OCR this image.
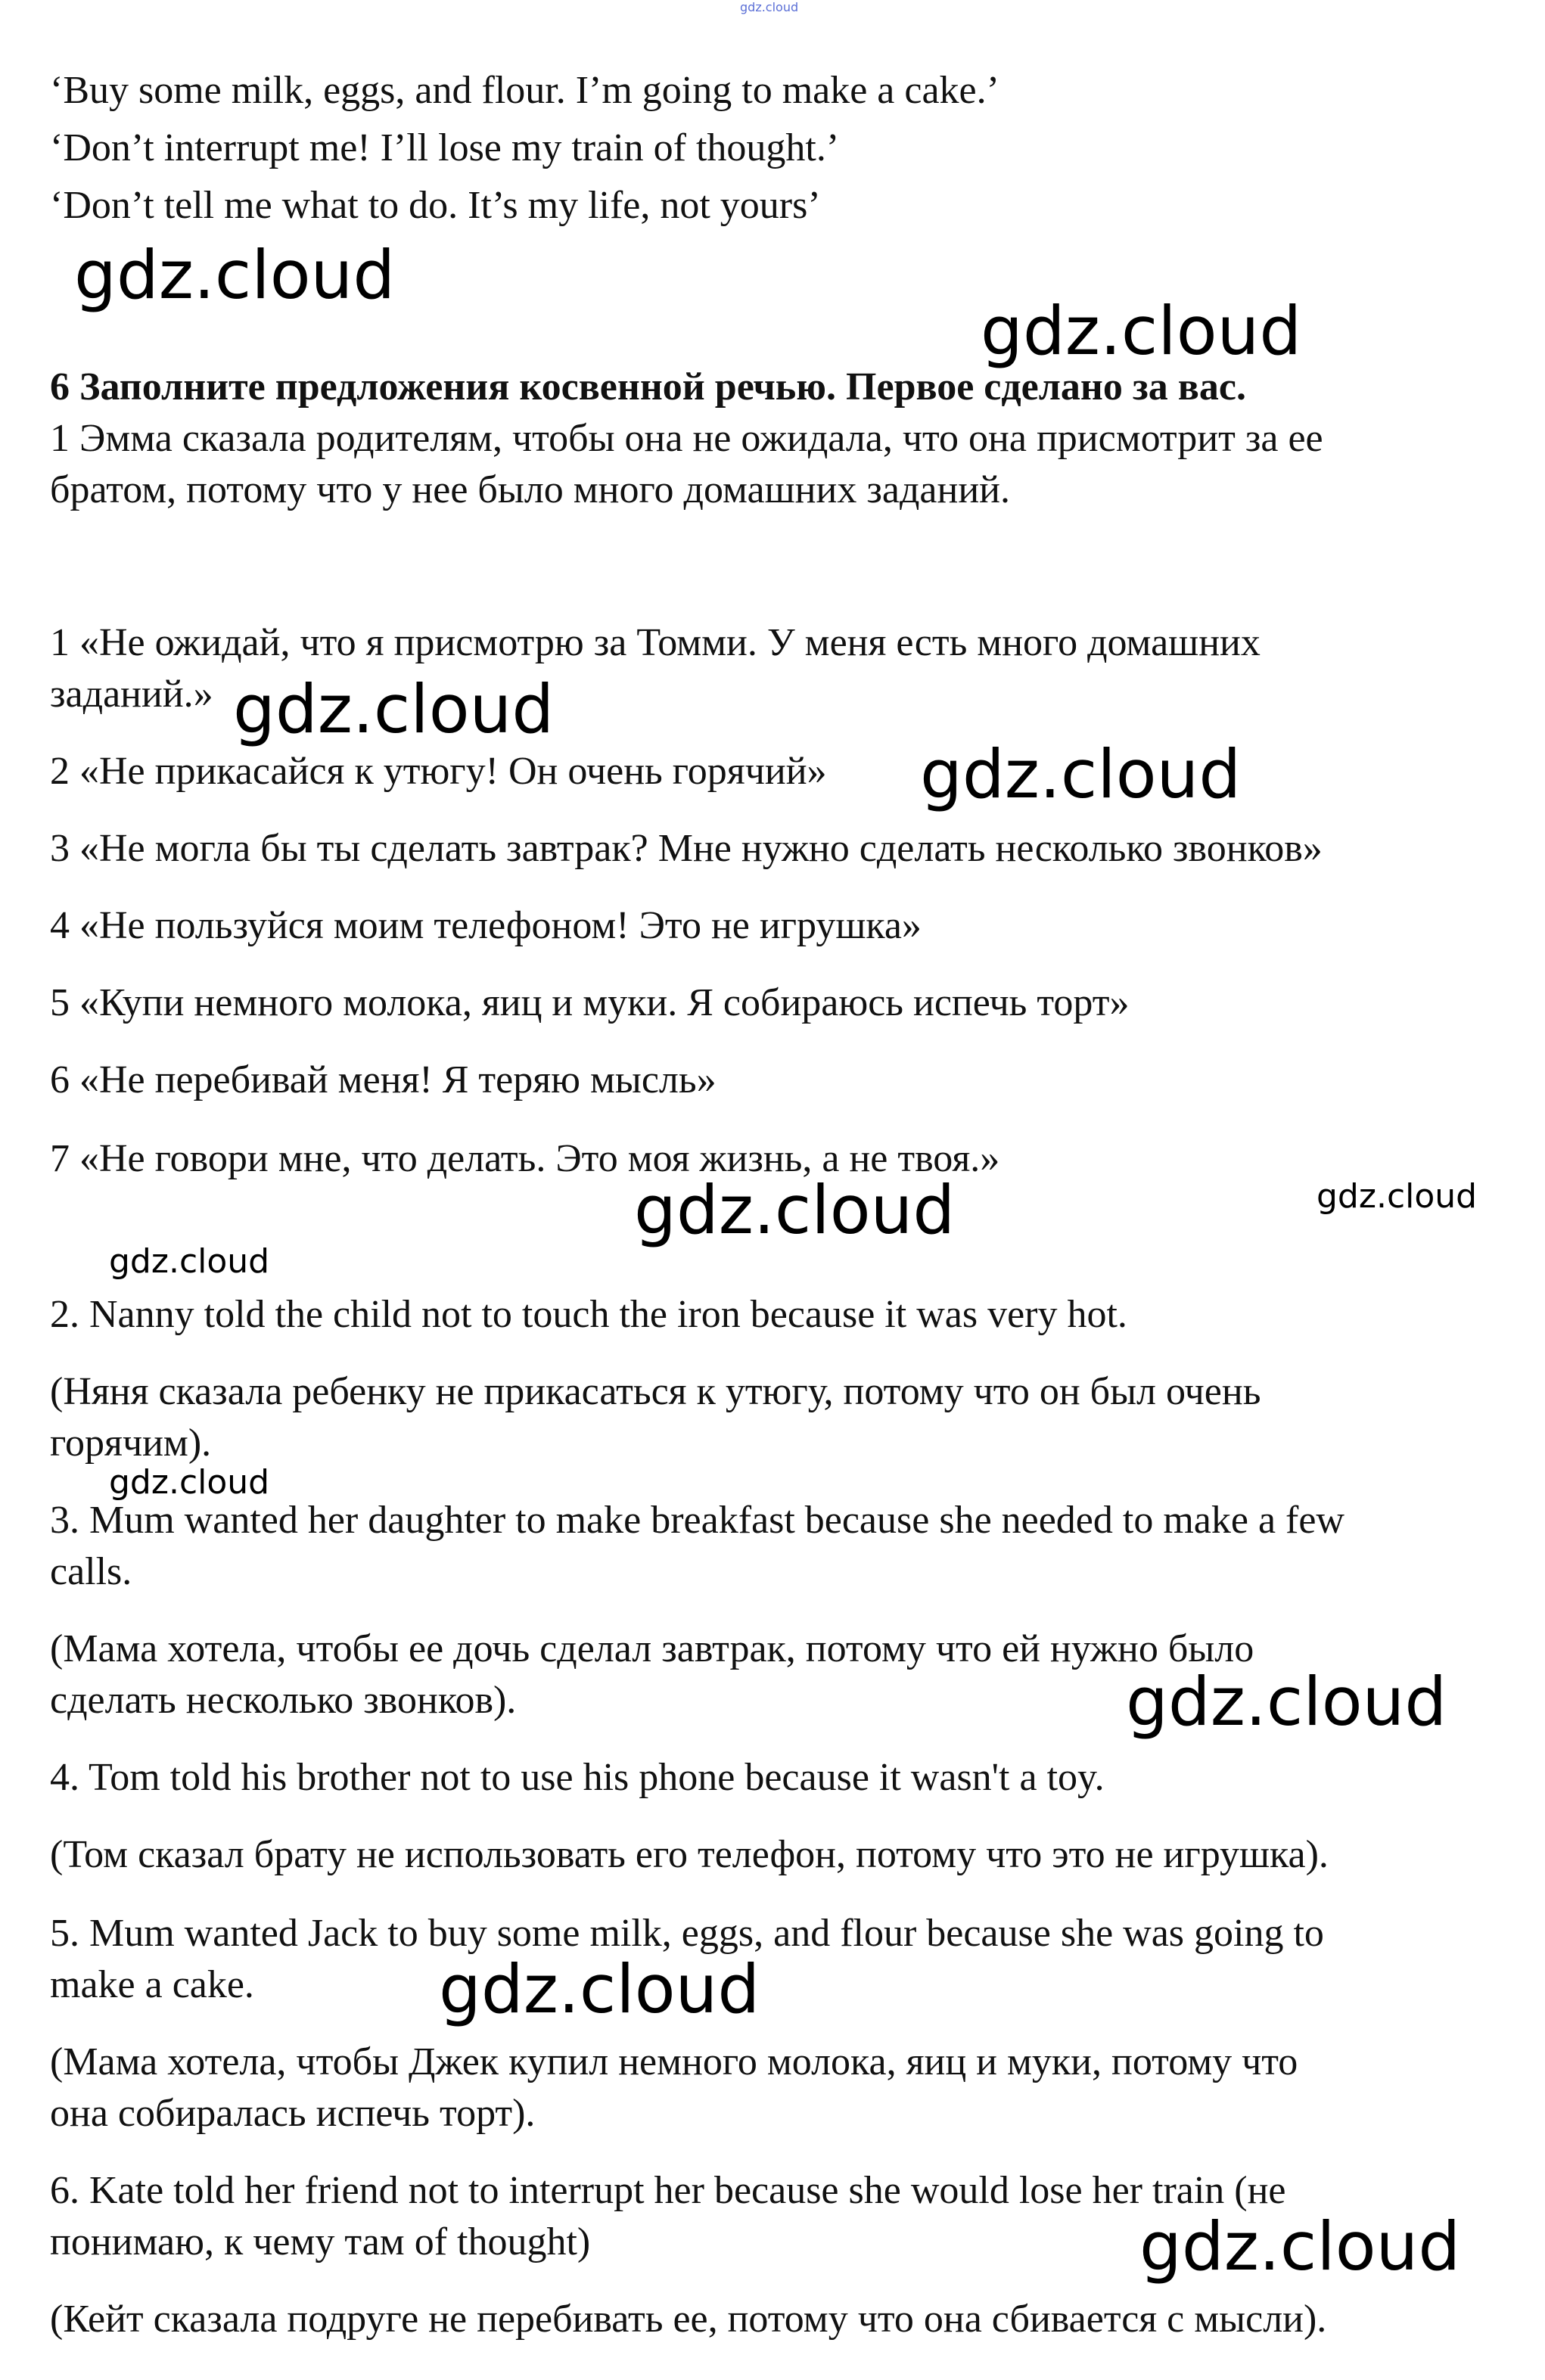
gdz.cloud
‘Buy some milk, eggs, and flour. I’m going to make a cake.’
‘Don’t interrupt me! I’ll lose my train of thought.’
‘Don’t tell me what to do. It’s my life, not yours’
6 Заполните предложения косвенной речью. Первое сделано за вас.
1 Эмма сказала родителям, чтобы она не ожидала, что она присмотрит за ее
братом, потому что у нее было много домашних заданий.
1 «Не ожидай, что я присмотрю за Томми. У меня есть много домашних
заданий.»
2 «Не прикасайся к утюгу! Он очень горячий»
3 «Не могла бы ты сделать завтрак? Мне нужно сделать несколько звонков»
4 «Не пользуйся моим телефоном! Это не игрушка»
5 «Купи немного молока, яиц и муки. Я собираюсь испечь торт»
6 «Не перебивай меня! Я теряю мысль»
7 «Не говори мне, что делать. Это моя жизнь, а не твоя.»
2. Nanny told the child not to touch the iron because it was very hot.
(Няня сказала ребенку не прикасаться к утюгу, потому что он был очень
горячим).
3. Mum wanted her daughter to make breakfast because she needed to make a few
calls.
(Мама хотела, чтобы ее дочь сделал завтрак, потому что ей нужно было
сделать несколько звонков).
4. Tom told his brother not to use his phone because it wasn't a toy.
(Том сказал брату не использовать его телефон, потому что это не игрушка).
5. Mum wanted Jack to buy some milk, eggs, and flour because she was going to
make a cake.
(Мама хотела, чтобы Джек купил немного молока, яиц и муки, потому что
она собиралась испечь торт).
6. Kate told her friend not to interrupt her because she would lose her train (не
понимаю, к чему там of thought)
(Кейт сказала подруге не перебивать ее, потому что она сбивается с мысли).
gdz.cloud
gdz.cloud
gdz.cloud
gdz.cloud
gdz.cloud	gdz.cloud
gdz.cloud
gdz.cloud
gdz.cloud
gdz.cloud
gdz.cloud
